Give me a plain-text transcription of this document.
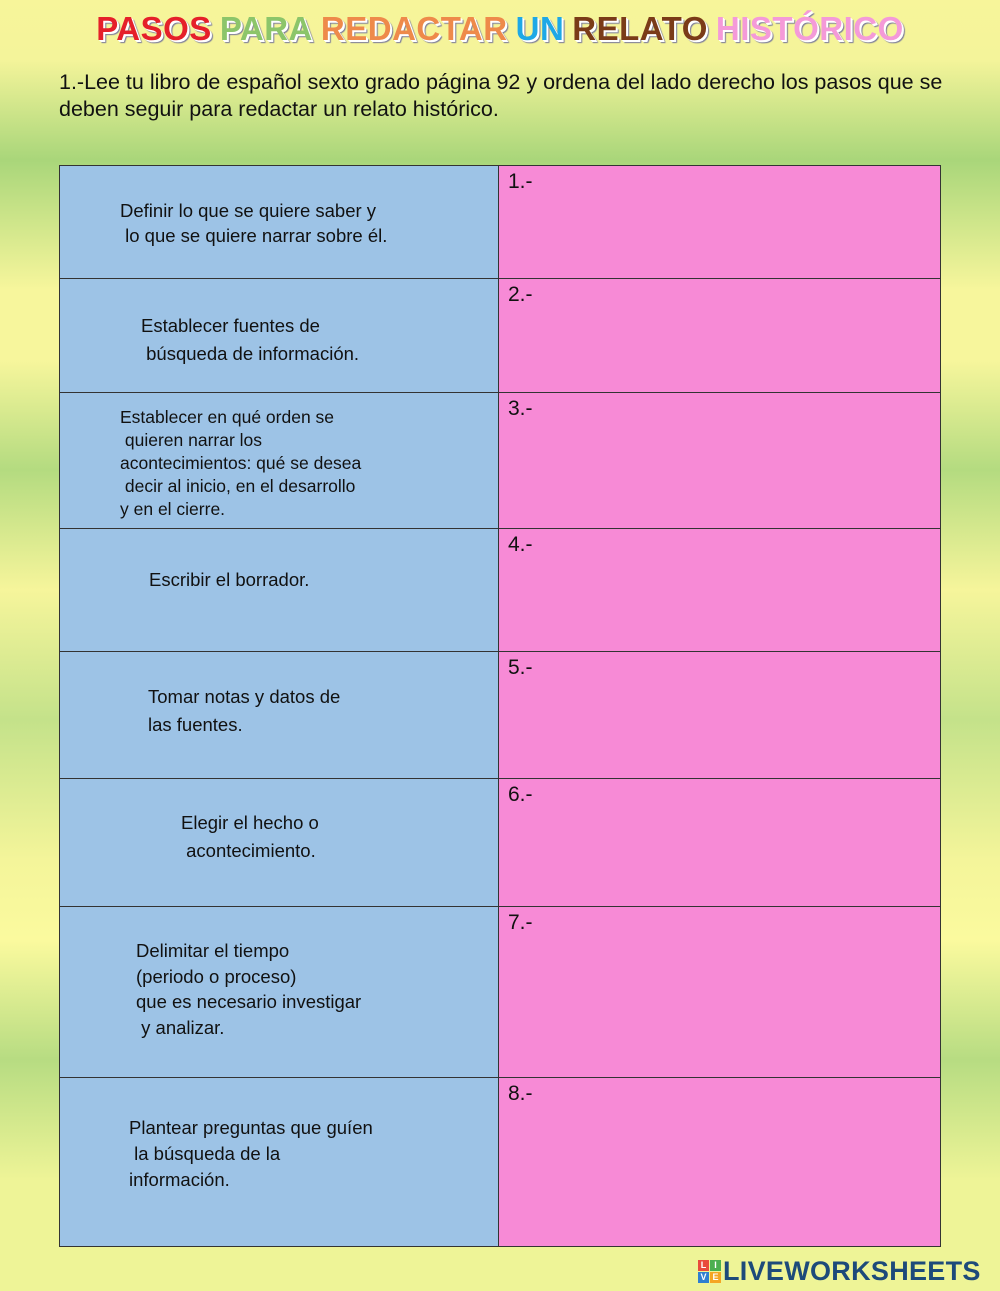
PASOS PARA REDACTAR UN RELATO HISTÓRICO
1.-Lee tu libro de español sexto grado página 92 y ordena del lado derecho los pasos que se deben seguir para redactar un relato histórico.
Definir lo que se quiere saber y
lo que se quiere narrar sobre él.
1.-
Establecer fuentes de
búsqueda de información.
2.-
Establecer en qué orden se
quieren narrar los
acontecimientos: qué se desea
decir al inicio, en el desarrollo
y en el cierre.
3.-
Escribir el borrador.
4.-
Tomar notas y datos de
las fuentes.
5.-
Elegir el hecho o
acontecimiento.
6.-
Delimitar el tiempo
(periodo o proceso)
que es necesario investigar
y analizar.
7.-
Plantear preguntas que guíen
la búsqueda de la
información.
8.-
L I
V E LIVEWORKSHEETS
